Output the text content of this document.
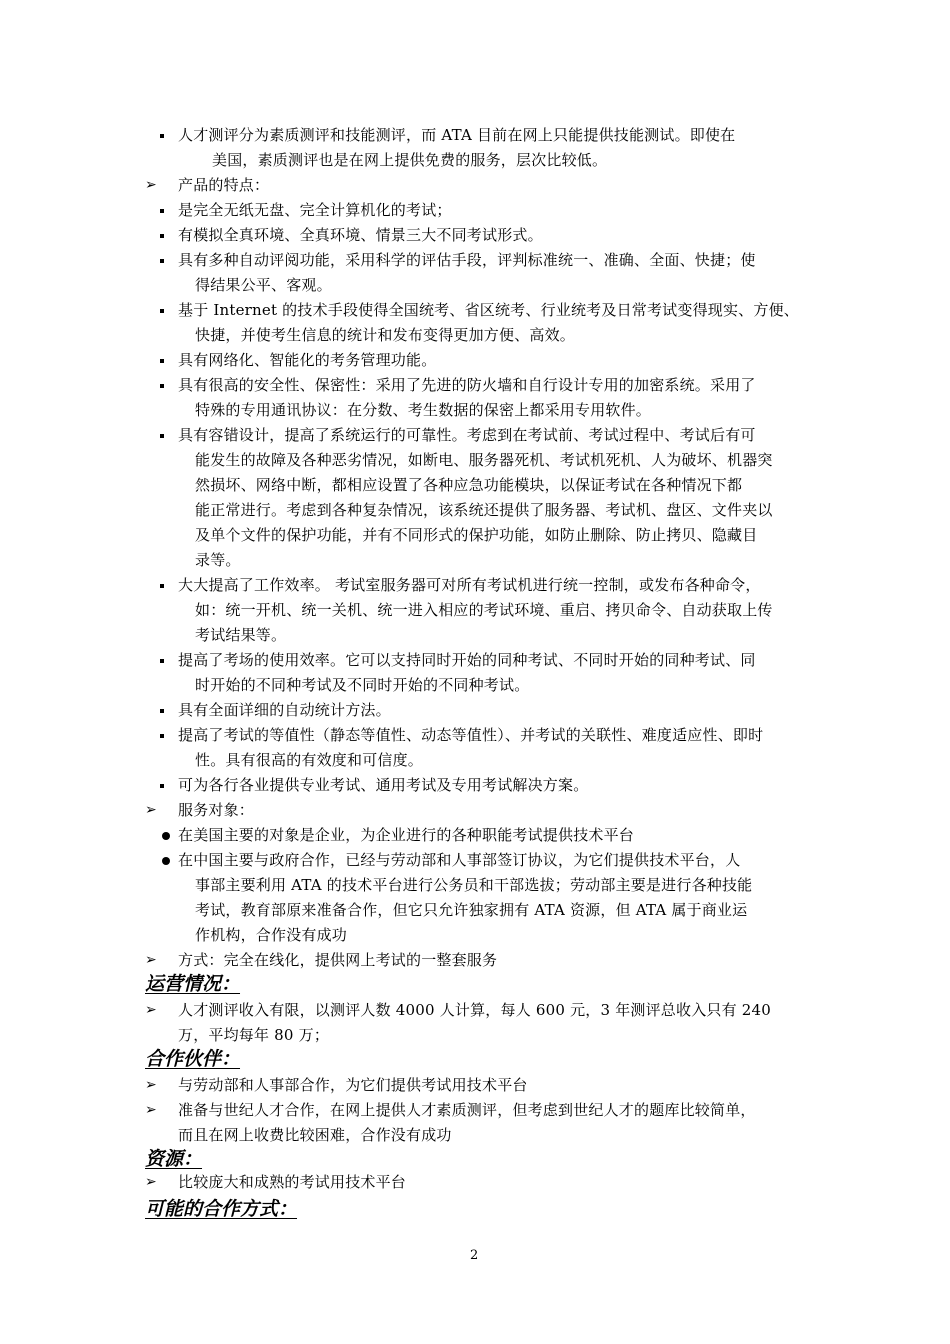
人才测评分为素质测评和技能测评，而 ATA 目前在网上只能提供技能测试。即使在
美国，素质测评也是在网上提供免费的服务，层次比较低。
➢ 产品的特点：
是完全无纸无盘、完全计算机化的考试；
有模拟全真环境、全真环境、情景三大不同考试形式。
具有多种自动评阅功能，采用科学的评估手段，评判标准统一、准确、全面、快捷；使
得结果公平、客观。
基于 Internet 的技术手段使得全国统考、省区统考、行业统考及日常考试变得现实、方便、
快捷，并使考生信息的统计和发布变得更加方便、高效。
具有网络化、智能化的考务管理功能。
具有很高的安全性、保密性：采用了先进的防火墙和自行设计专用的加密系统。采用了
特殊的专用通讯协议：在分数、考生数据的保密上都采用专用软件。
具有容错设计，提高了系统运行的可靠性。考虑到在考试前、考试过程中、考试后有可
能发生的故障及各种恶劣情况，如断电、服务器死机、考试机死机、人为破坏、机器突
然损坏、网络中断，都相应设置了各种应急功能模块，以保证考试在各种情况下都
能正常进行。考虑到各种复杂情况，该系统还提供了服务器、考试机、盘区、文件夹以
及单个文件的保护功能，并有不同形式的保护功能，如防止删除、防止拷贝、隐藏目
录等。
大大提高了工作效率。 考试室服务器可对所有考试机进行统一控制，或发布各种命令，
如：统一开机、统一关机、统一进入相应的考试环境、重启、拷贝命令、自动获取上传
考试结果等。
提高了考场的使用效率。它可以支持同时开始的同种考试、不同时开始的同种考试、同
时开始的不同种考试及不同时开始的不同种考试。
具有全面详细的自动统计方法。
提高了考试的等值性（静态等值性、动态等值性）、并考试的关联性、难度适应性、即时
性。具有很高的有效度和可信度。
可为各行各业提供专业考试、通用考试及专用考试解决方案。
➢ 服务对象：
在美国主要的对象是企业，为企业进行的各种职能考试提供技术平台
在中国主要与政府合作，已经与劳动部和人事部签订协议，为它们提供技术平台，人
事部主要利用 ATA 的技术平台进行公务员和干部选拔；劳动部主要是进行各种技能
考试，教育部原来准备合作，但它只允许独家拥有 ATA 资源，但 ATA 属于商业运
作机构，合作没有成功
➢ 方式：完全在线化，提供网上考试的一整套服务
运营情况：
➢ 人才测评收入有限，以测评人数 4000 人计算，每人 600 元，3 年测评总收入只有 240
万，平均每年 80 万；
合作伙伴：
➢ 与劳动部和人事部合作，为它们提供考试用技术平台
➢ 准备与世纪人才合作，在网上提供人才素质测评，但考虑到世纪人才的题库比较简单，
而且在网上收费比较困难，合作没有成功
资源：
➢ 比较庞大和成熟的考试用技术平台
可能的合作方式：
2
